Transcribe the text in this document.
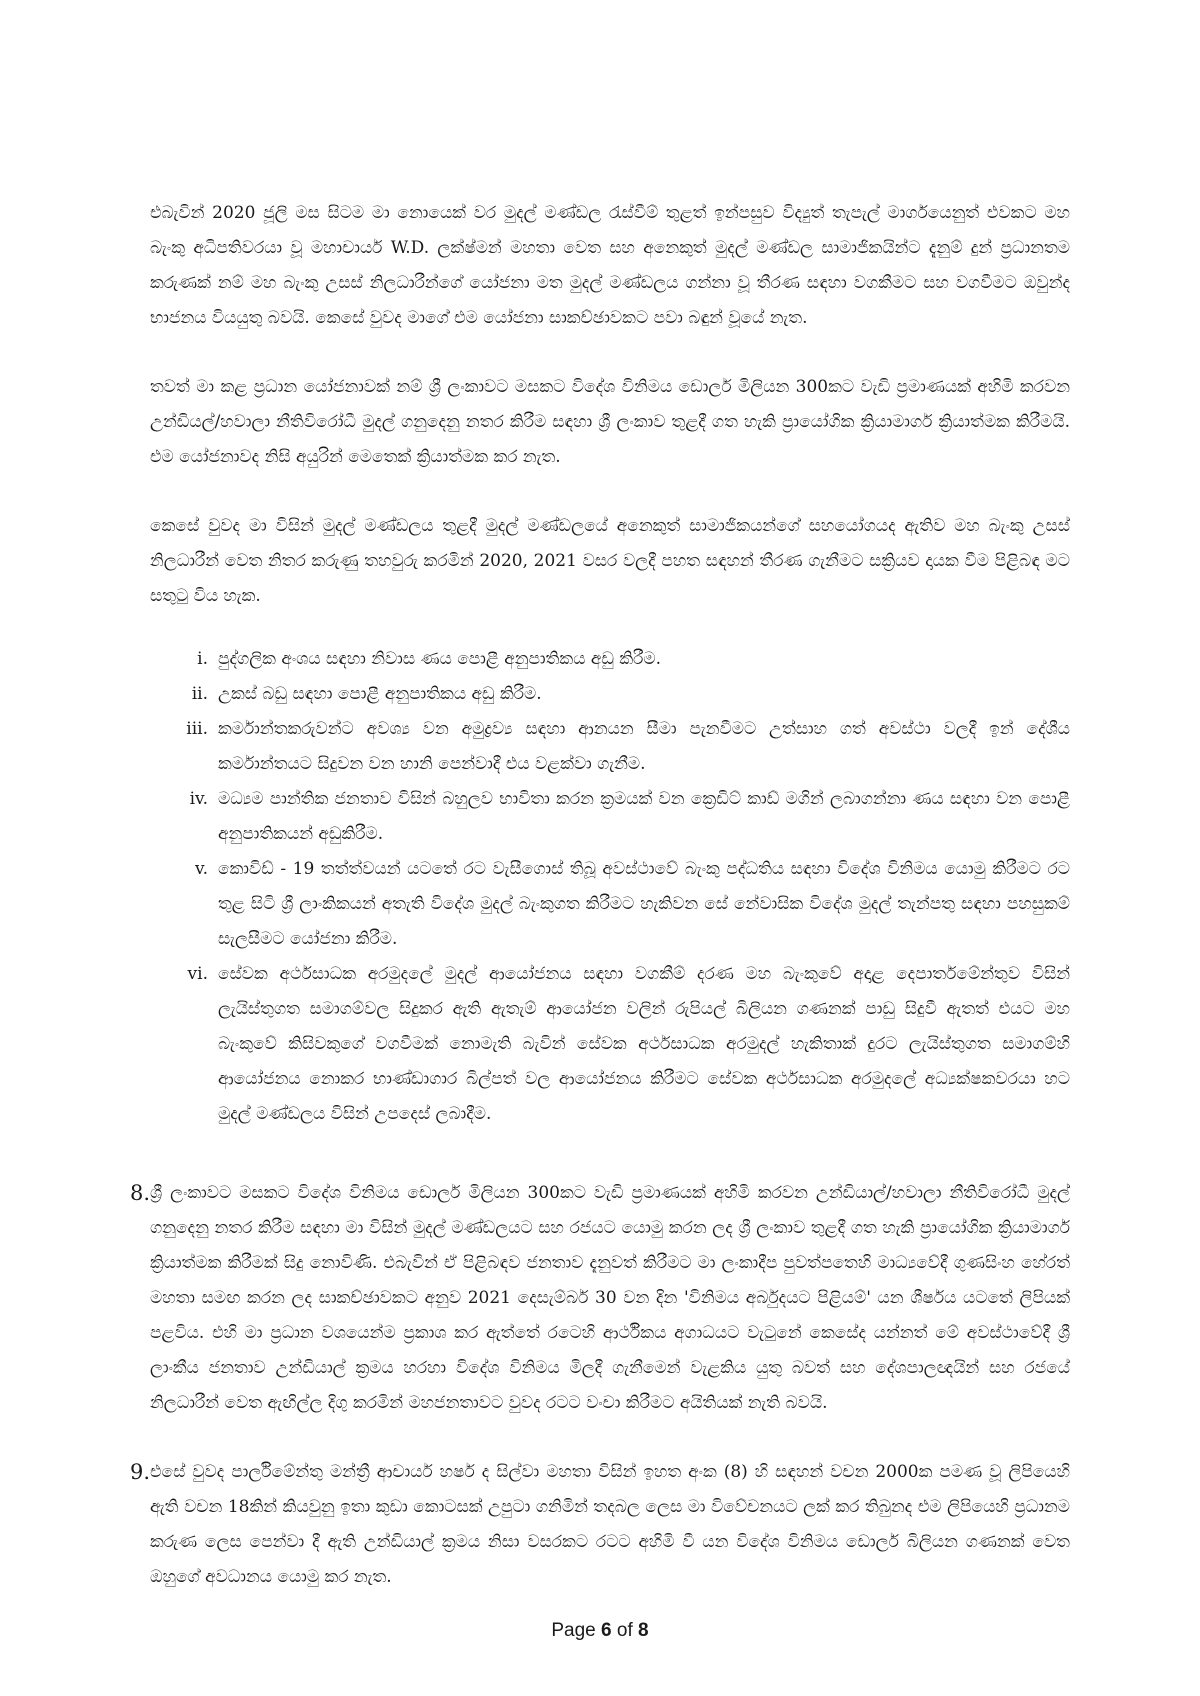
එබැවින් 2020 ජූලි මස සිටම මා නොයෙක් වර මුදල් මණ්ඩල රැස්වීම් තුළත් ඉන්පසුව විද්‍යුත් තැපැල් මාර්ගයෙනුත් එවකට මහ බැංකු අධිපතිවරයා වූ මහාචාර්ය W.D. ලක්ෂ්මන් මහතා වෙත සහ අනෙකුත් මුදල් මණ්ඩල සාමාජිකයින්ට දැනුම් දුන් ප්‍රධානතම කරුණක් නම් මහ බැංකු උසස් නිලධාරීන්ගේ යෝජනා මත මුදල් මණ්ඩලය ගන්නා වූ තීරණ සඳහා වගකීමට සහ වගවීමට ඔවුන්ද භාජනය වියයුතු බවයි. කෙසේ වුවද මාගේ එම යෝජනා සාකච්ඡාවකට පවා බඳුන් වූයේ නැත.

තවත් මා කළ ප්‍රධාන යෝජනාවක් නම් ශ්‍රී ලංකාවට මසකට විදේශ විනිමය ඩොලර් මිලියන 300කට වැඩි ප්‍රමාණයක් අහිමි කරවන උන්ඩියල්/හවාලා නීතිවිරෝධී මුදල් ගනුදෙනු නතර කිරීම සඳහා ශ්‍රී ලංකාව තුළදී ගත හැකි ප්‍රායෝගික ක්‍රියාමාර්ග ක්‍රියාත්මක කිරීමයි. එම යෝජනාවද නිසි අයුරින් මෙතෙක් ක්‍රියාත්මක කර නැත.

කෙසේ වුවද මා විසින් මුදල් මණ්ඩලය තුළදී මුදල් මණ්ඩලයේ අනෙකුත් සාමාජිකයන්ගේ සහයෝගයද ඇතිව මහ බැංකු උසස් නිලධාරීන් වෙත නිතර කරුණු තහවුරු කරමින් 2020, 2021 වසර වලදී පහත සඳහන් තීරණ ගැනීමට සක්‍රියව දායක වීම පිළිබඳ මට සතුටු විය හැක.

i. පුද්ගලික අංශය සඳහා නිවාස ණය පොළී අනුපාතිකය අඩු කිරීම.
ii. උකස් බඩු සඳහා පොළී අනුපාතිකය අඩු කිරීම.
iii. කර්මාන්තකරුවන්ට අවශ්‍ය වන අමුද්‍රව්‍ය සඳහා ආනයන සීමා පැනවීමට උත්සාහ ගත් අවස්ථා වලදී ඉන් දේශීය කර්මාන්තයට සිදුවන වන හානි පෙන්වාදී එය වළක්වා ගැනීම.
iv. මධ්‍යම පාන්තික ජනතාව විසින් බහුලව භාවිතා කරන ක්‍රමයක් වන ක්‍රෙඩිට් කාඩ් මගින් ලබාගන්නා ණය සඳහා වන පොළී අනුපාතිකයන් අඩුකිරීම.
v. කොවිඩ් - 19 තත්ත්වයන් යටතේ රට වැසීගොස් තිබූ අවස්ථාවේ බැංකු පද්ධතිය සඳහා විදේශ විනිමය යොමු කිරීමට රට තුළ සිටි ශ්‍රී ලාංකිකයන් අතැති විදේශ මුදල් බැංකුගත කිරීමට හැකිවන සේ නේවාසික විදේශ මුදල් තැන්පතු සඳහා පහසුකම් සැලසීමට යෝජනා කිරීම.
vi. සේවක අර්ථසාධක අරමුදලේ මුදල් ආයෝජනය සඳහා වගකීම් දරණ මහ බැංකුවේ අදාළ දෙපාර්තමේන්තුව විසින් ලැයිස්තුගත සමාගම්වල සිදුකර ඇති ඇතැම් ආයෝජන වලින් රුපියල් බිලියන ගණනක් පාඩු සිදුවී ඇතත් එයට මහ බැංකුවේ කිසිවකුගේ වගවීමක් නොමැති බැවින් සේවක අර්ථසාධක අරමුදල් හැකිතාක් දුරට ලැයිස්තුගත සමාගම්හි ආයෝජනය නොකර භාණ්ඩාගාර බිල්පත් වල ආයෝජනය කිරීමට සේවක අර්ථසාධක අරමුදලේ අධ්‍යක්ෂකවරයා හට මුදල් මණ්ඩලය විසින් උපදෙස් ලබාදීම.
8. ශ්‍රී ලංකාවට මසකට විදේශ විනිමය ඩොලර් මිලියන 300කට වැඩි ප්‍රමාණයක් අහිමි කරවන උන්ඩියාල්/හවාලා නීතිවිරෝධී මුදල් ගනුදෙනු නතර කිරීම සඳහා මා විසින් මුදල් මණ්ඩලයට සහ රජයට යොමු කරන ලද ශ්‍රී ලංකාව තුළදී ගත හැකි ප්‍රායෝගික ක්‍රියාමාර්ග ක්‍රියාත්මක කිරීමක් සිදු නොවිණි. එබැවින් ඒ පිළිබඳව ජනතාව දැනුවත් කිරීමට මා ලංකාදීප පුවත්පතෙහි මාධ්‍යවේදී ගුණසිංහ හේරත් මහතා සමඟ කරන ලද සාකච්ඡාවකට අනුව 2021 දෙසැම්බර් 30 වන දින 'විනිමය අර්බුදයට පිළියම්' යන ශීර්ෂය යටතේ ලිපියක් පළවිය. එහි මා ප්‍රධාන වශයෙන්ම ප්‍රකාශ කර ඇත්තේ රටෙහි ආර්ථිකය අගාධයට වැටුනේ කෙසේද යන්නත් මේ අවස්ථාවේදී ශ්‍රී ලාංකීය ජනතාව උන්ඩියාල් ක්‍රමය හරහා විදේශ විනිමය මිලදී ගැනීමෙන් වැළකිය යුතු බවත් සහ දේශපාලඥයින් සහ රජයේ නිලධාරීන් වෙත ඇඟිල්ල දිගු කරමින් මහජනතාවට වුවද රටට වංචා කිරීමට අයිතියක් නැති බවයි.
9. එසේ වුවද පාර්ලිමේන්තු මන්ත්‍රී ආචාර්ය හර්ෂ ද සිල්වා මහතා විසින් ඉහත අංක (8) හි සඳහන් වචන 2000ක පමණ වූ ලිපියෙහි ඇති වචන 18කින් කියවුනු ඉතා කුඩා කොටසක් උපුටා ගනිමින් තදබල ලෙස මා විවේචනයට ලක් කර තිබුනද එම ලිපියෙහි ප්‍රධානම කරුණ ලෙස පෙන්වා දී ඇති උන්ඩියාල් ක්‍රමය නිසා වසරකට රටට අහිමි වී යන විදේශ විනිමය ඩොලර් බිලියන ගණනක් වෙත ඔහුගේ අවධානය යොමු කර නැත.
Page 6 of 8
